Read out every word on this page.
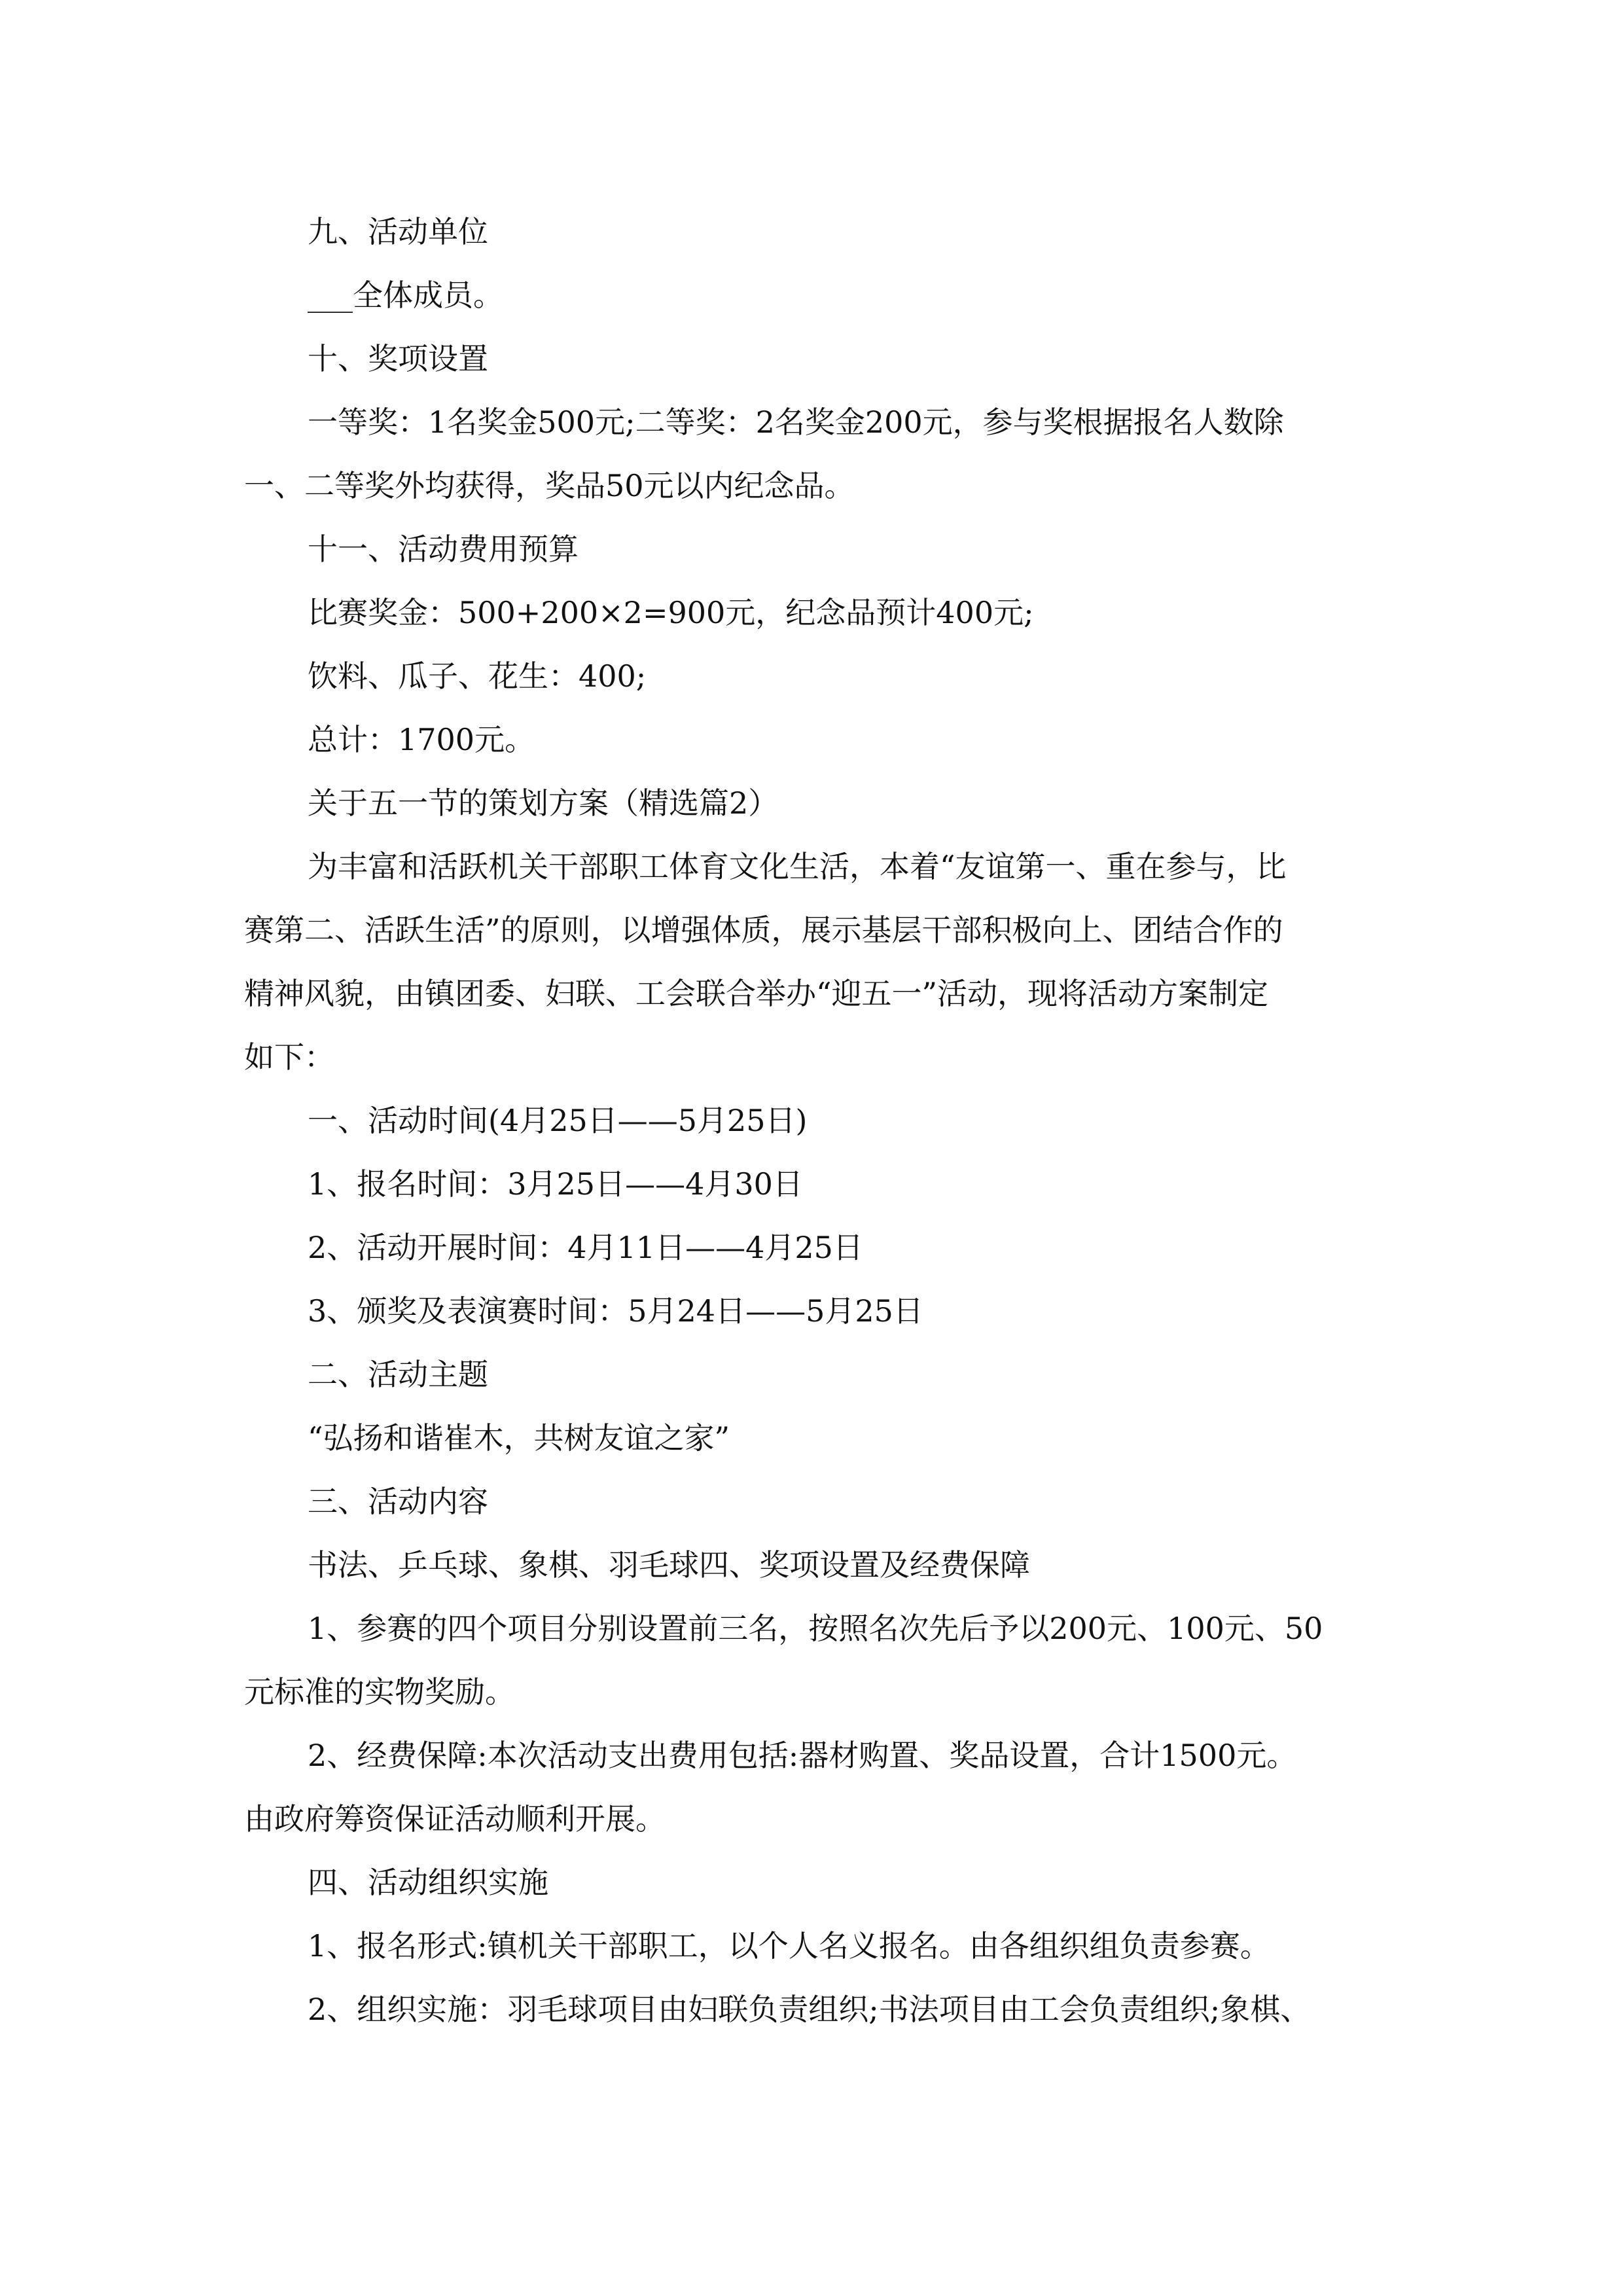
九、活动单位

___全体成员。

十、奖项设置

一等奖：1名奖金500元;二等奖：2名奖金200元，参与奖根据报名人数除

一、二等奖外均获得，奖品50元以内纪念品。

十一、活动费用预算

比赛奖金：500+200×2=900元，纪念品预计400元;

饮料、瓜子、花生：400;

总计：1700元。

关于五一节的策划方案（精选篇2）

为丰富和活跃机关干部职工体育文化生活，本着“友谊第一、重在参与，比

赛第二、活跃生活”的原则，以增强体质，展示基层干部积极向上、团结合作的

精神风貌，由镇团委、妇联、工会联合举办“迎五一”活动，现将活动方案制定

如下：

一、活动时间(4月25日——5月25日)

1、报名时间：3月25日——4月30日

2、活动开展时间：4月11日——4月25日

3、颁奖及表演赛时间：5月24日——5月25日

二、活动主题

“弘扬和谐崔木，共树友谊之家”

三、活动内容

书法、乒乓球、象棋、羽毛球四、奖项设置及经费保障

1、参赛的四个项目分别设置前三名，按照名次先后予以200元、100元、50

元标准的实物奖励。

2、经费保障:本次活动支出费用包括:器材购置、奖品设置，合计1500元。

由政府筹资保证活动顺利开展。

四、活动组织实施

1、报名形式:镇机关干部职工，以个人名义报名。由各组织组负责参赛。

2、组织实施：羽毛球项目由妇联负责组织;书法项目由工会负责组织;象棋、
